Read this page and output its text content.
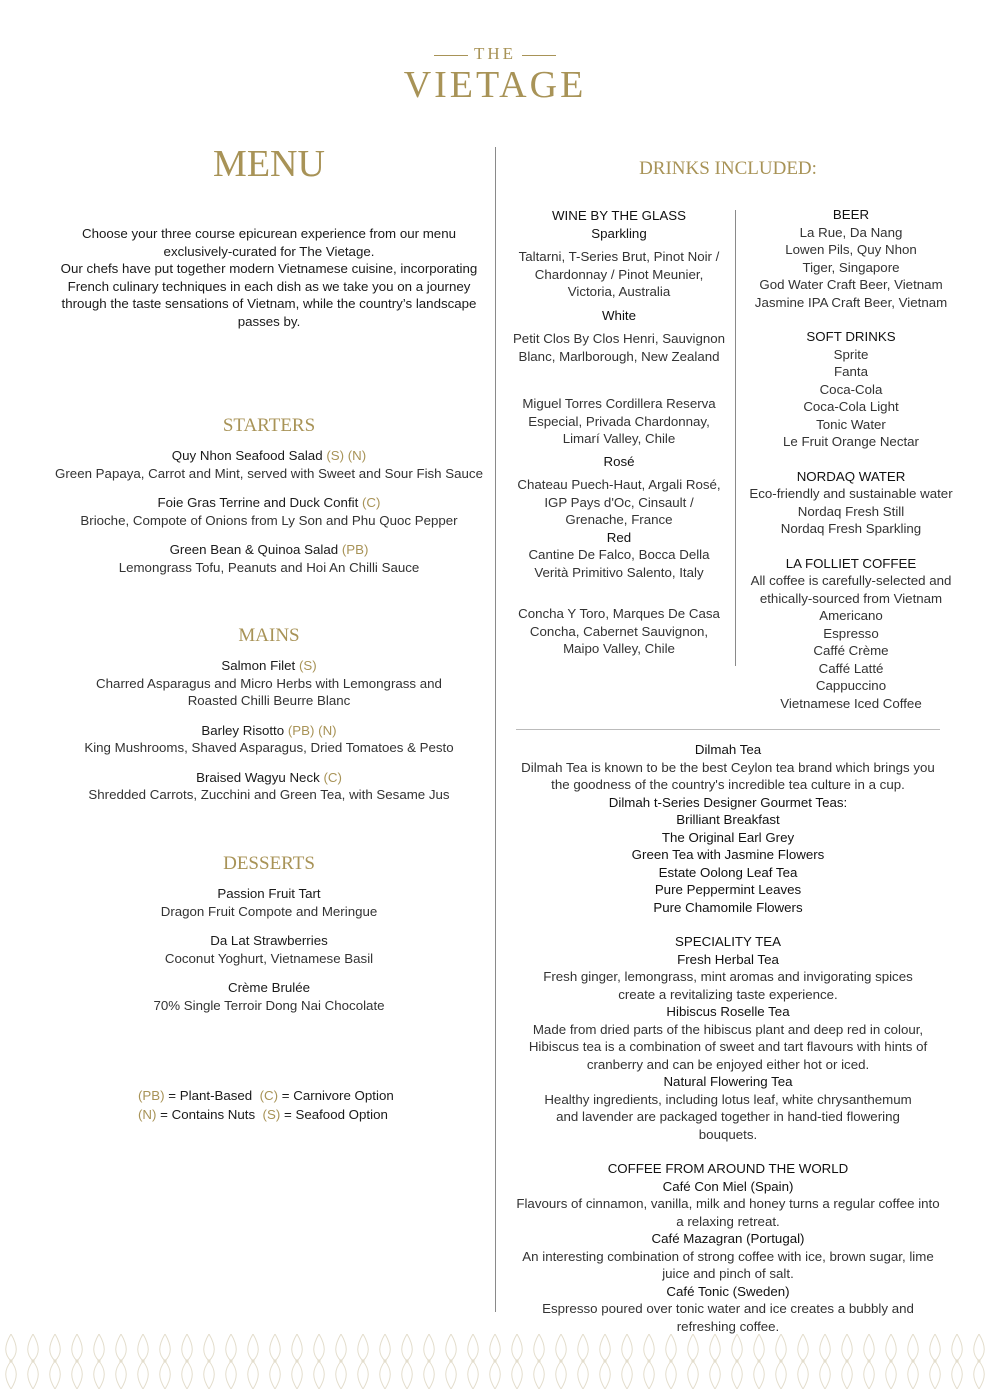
THE
VIETAGE
MENU
Choose your three course epicurean experience from our menu exclusively-curated for The Vietage.
Our chefs have put together modern Vietnamese cuisine, incorporating French culinary techniques in each dish as we take you on a journey through the taste sensations of Vietnam, while the country’s landscape passes by.
STARTERS
Quy Nhon Seafood Salad (S) (N)
Green Papaya, Carrot and Mint, served with Sweet and Sour Fish Sauce
Foie Gras Terrine and Duck Confit (C)
Brioche, Compote of Onions from Ly Son and Phu Quoc Pepper
Green Bean & Quinoa Salad (PB)
Lemongrass Tofu, Peanuts and Hoi An Chilli Sauce
MAINS
Salmon Filet (S)
Charred Asparagus and Micro Herbs with Lemongrass and Roasted Chilli Beurre Blanc
Barley Risotto (PB) (N)
King Mushrooms, Shaved Asparagus, Dried Tomatoes & Pesto
Braised Wagyu Neck (C)
Shredded Carrots, Zucchini and Green Tea, with Sesame Jus
DESSERTS
Passion Fruit Tart
Dragon Fruit Compote and Meringue
Da Lat Strawberries
Coconut Yoghurt, Vietnamese Basil
Crème Brulée
70% Single Terroir Dong Nai Chocolate
(PB) = Plant-Based (C) = Carnivore Option
(N) = Contains Nuts (S) = Seafood Option
DRINKS INCLUDED:
WINE BY THE GLASS
Sparkling
Taltarni, T-Series Brut, Pinot Noir / Chardonnay / Pinot Meunier, Victoria, Australia
White
Petit Clos By Clos Henri, Sauvignon Blanc, Marlborough, New Zealand
Miguel Torres Cordillera Reserva Especial, Privada Chardonnay, Limarí Valley, Chile
Rosé
Chateau Puech-Haut, Argali Rosé, IGP Pays d'Oc, Cinsault / Grenache, France
Red
Cantine De Falco, Bocca Della Verità Primitivo Salento, Italy
Concha Y Toro, Marques De Casa Concha, Cabernet Sauvignon, Maipo Valley, Chile
BEER
La Rue, Da Nang
Lowen Pils, Quy Nhon
Tiger, Singapore
God Water Craft Beer, Vietnam
Jasmine IPA Craft Beer, Vietnam
SOFT DRINKS
Sprite
Fanta
Coca-Cola
Coca-Cola Light
Tonic Water
Le Fruit Orange Nectar
NORDAQ WATER
Eco-friendly and sustainable water
Nordaq Fresh Still
Nordaq Fresh Sparkling
LA FOLLIET COFFEE
All coffee is carefully-selected and ethically-sourced from Vietnam
Americano
Espresso
Caffé Crème
Caffé Latté
Cappuccino
Vietnamese Iced Coffee
Dilmah Tea
Dilmah Tea is known to be the best Ceylon tea brand which brings you the goodness of the country's incredible tea culture in a cup.
Dilmah t-Series Designer Gourmet Teas:
Brilliant Breakfast
The Original Earl Grey
Green Tea with Jasmine Flowers
Estate Oolong Leaf Tea
Pure Peppermint Leaves
Pure Chamomile Flowers
SPECIALITY TEA
Fresh Herbal Tea
Fresh ginger, lemongrass, mint aromas and invigorating spices create a revitalizing taste experience.
Hibiscus Roselle Tea
Made from dried parts of the hibiscus plant and deep red in colour, Hibiscus tea is a combination of sweet and tart flavours with hints of cranberry and can be enjoyed either hot or iced.
Natural Flowering Tea
Healthy ingredients, including lotus leaf, white chrysanthemum and lavender are packaged together in hand-tied flowering bouquets.
COFFEE FROM AROUND THE WORLD
Café Con Miel (Spain)
Flavours of cinnamon, vanilla, milk and honey turns a regular coffee into a relaxing retreat.
Café Mazagran (Portugal)
An interesting combination of strong coffee with ice, brown sugar, lime juice and pinch of salt.
Café Tonic (Sweden)
Espresso poured over tonic water and ice creates a bubbly and refreshing coffee.
